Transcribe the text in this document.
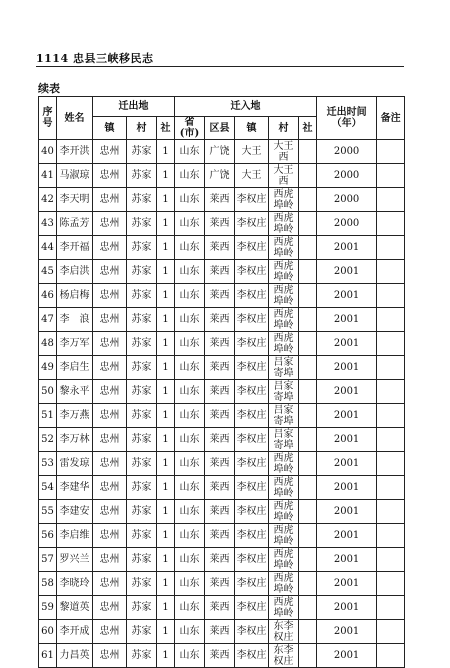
1114 忠县三峡移民志
续表
序号	姓名	迁出地			迁入地					迁出时间（年）	备注
		镇	村	社	省(市)	区县	镇	村	社		
40	李开洪	忠州	苏家	1	山东	广饶	大王	大王西		2000	
41	马淑琼	忠州	苏家	1	山东	广饶	大王	大王西		2000	
42	李天明	忠州	苏家	1	山东	莱西	李权庄	西虎埠岭		2000	
43	陈孟芳	忠州	苏家	1	山东	莱西	李权庄	西虎埠岭		2000	
44	李开福	忠州	苏家	1	山东	莱西	李权庄	西虎埠岭		2001	
45	李启洪	忠州	苏家	1	山东	莱西	李权庄	西虎埠岭		2001	
46	杨启梅	忠州	苏家	1	山东	莱西	李权庄	西虎埠岭		2001	
47	李　浪	忠州	苏家	1	山东	莱西	李权庄	西虎埠岭		2001	
48	李万军	忠州	苏家	1	山东	莱西	李权庄	西虎埠岭		2001	
49	李启生	忠州	苏家	1	山东	莱西	李权庄	吕家寄埠		2001	
50	黎永平	忠州	苏家	1	山东	莱西	李权庄	吕家寄埠		2001	
51	李万燕	忠州	苏家	1	山东	莱西	李权庄	吕家寄埠		2001	
52	李万林	忠州	苏家	1	山东	莱西	李权庄	吕家寄埠		2001	
53	雷发琼	忠州	苏家	1	山东	莱西	李权庄	西虎埠岭		2001	
54	李建华	忠州	苏家	1	山东	莱西	李权庄	西虎埠岭		2001	
55	李建安	忠州	苏家	1	山东	莱西	李权庄	西虎埠岭		2001	
56	李启维	忠州	苏家	1	山东	莱西	李权庄	西虎埠岭		2001	
57	罗兴兰	忠州	苏家	1	山东	莱西	李权庄	西虎埠岭		2001	
58	李晓玲	忠州	苏家	1	山东	莱西	李权庄	西虎埠岭		2001	
59	黎道英	忠州	苏家	1	山东	莱西	李权庄	西虎埠岭		2001	
60	李开成	忠州	苏家	1	山东	莱西	李权庄	东李权庄		2001	
61	力昌英	忠州	苏家	1	山东	莱西	李权庄	东李权庄		2001	
